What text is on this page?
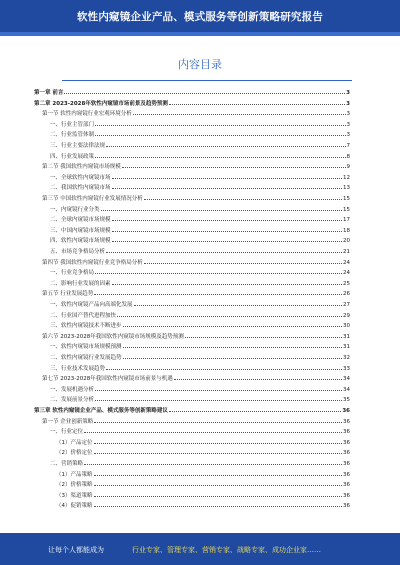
软性内窥镜企业产品、模式服务等创新策略研究报告
内容目录
第一章 前言	3
第二章 2023-2028年软性内窥镜市场前景及趋势预测	3
第一节 软性内窥镜行业宏观环境分析	3
一、行业主管部门	3
二、行业监管体制	3
三、行业主要法律法规	7
四、行业发展政策	8
第二节 我国软性内窥镜市场规模	9
一、全球软性内窥镜市场	12
二、我国软性内窥镜市场	13
第三节 中国软性内窥镜行业发展情况分析	15
一、内窥镜行业分类	15
二、全球内窥镜市场规模	17
三、中国内窥镜市场规模	18
四、软性内窥镜市场规模	20
五、市场竞争格局分析	21
第四节 我国软性内窥镜行业竞争格局分析	24
一、行业竞争格局	24
二、影响行业发展的因素	25
第五节 行业发展趋势	26
一、软性内窥镜产品向高端化发展	27
二、行业国产替代进程加快	29
三、软性内窥镜技术不断进步	30
第六节 2023-2028年我国软性内窥镜市场规模及趋势预测	31
一、软性内窥镜市场规模预测	31
二、软性内窥镜行业发展趋势	32
三、行业技术发展趋势	33
第七节 2023-2028年我国软性内窥镜市场前景与机遇	34
一、发展机遇分析	34
二、发展前景分析	35
第三章 软性内窥镜企业产品、模式服务等创新策略建议	36
第一节 企业创新策略	36
一、行业定位	36
（1）产品定位	36
（2）价格定位	36
二、营销策略	36
（1）产品策略	36
（2）价格策略	36
（3）渠道策略	36
（4）促销策略	36
让每个人都能成为	行业专家、管理专家、营销专家、战略专家、成功企业家……
